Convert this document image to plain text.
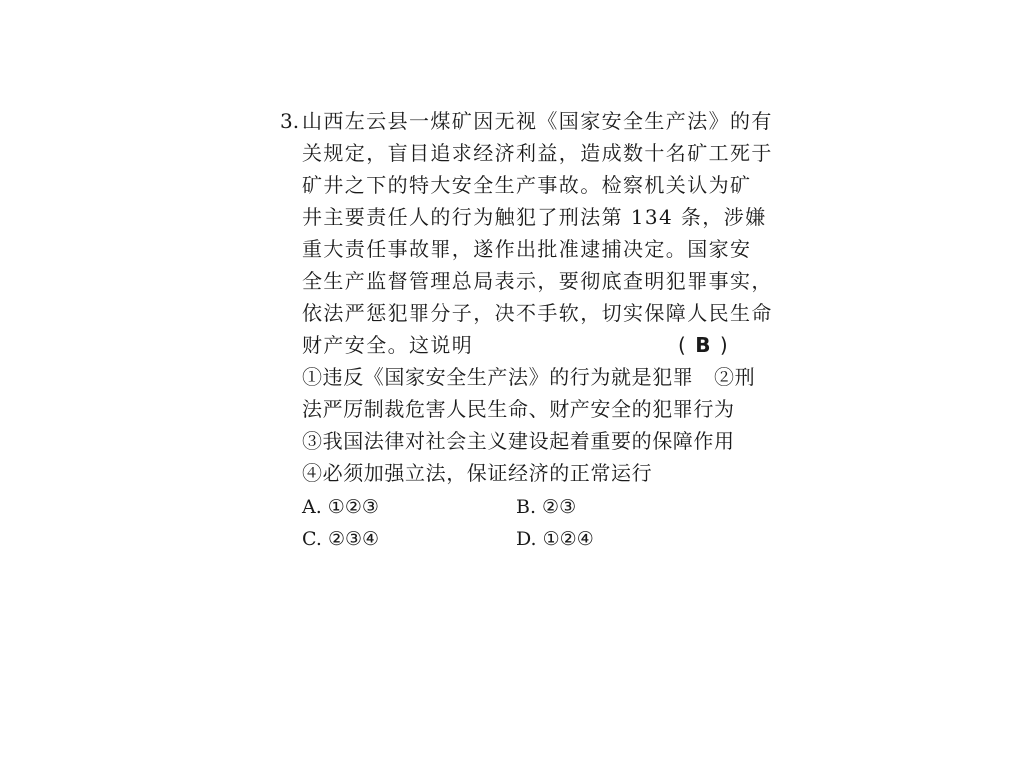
3. 山西左云县一煤矿因无视《国家安全生产法》的有
关规定，盲目追求经济利益，造成数十名矿工死于
矿井之下的特大安全生产事故。检察机关认为矿
井主要责任人的行为触犯了刑法第 134 条，涉嫌
重大责任事故罪，遂作出批准逮捕决定。国家安
全生产监督管理总局表示，要彻底查明犯罪事实，
依法严惩犯罪分子，决不手软，切实保障人民生命
财产安全。这说明	( B )
①违反《国家安全生产法》的行为就是犯罪　②刑
法严厉制裁危害人民生命、财产安全的犯罪行为
③我国法律对社会主义建设起着重要的保障作用
④必须加强立法，保证经济的正常运行
A. ①②③	B. ②③
C. ②③④	D. ①②④
